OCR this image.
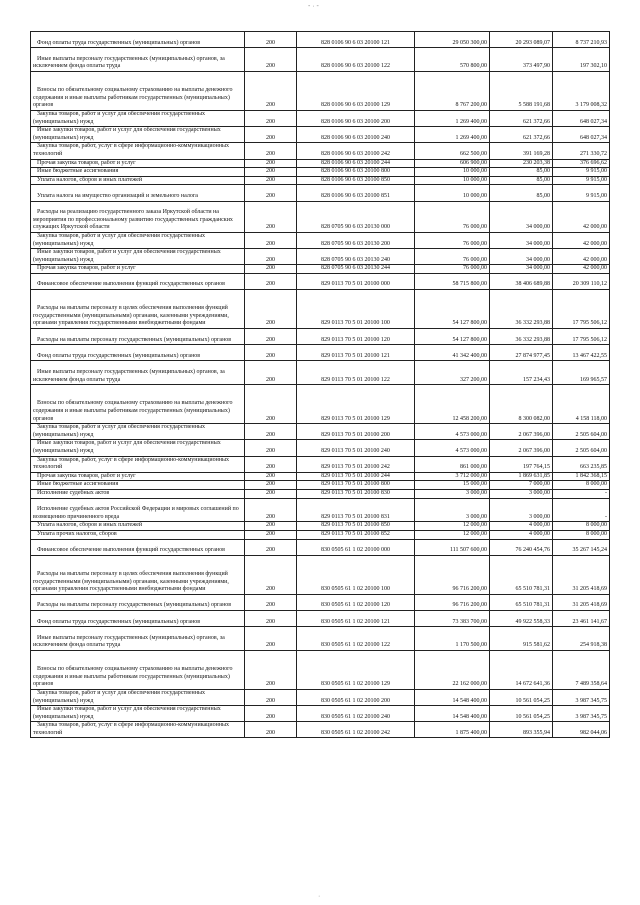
- · -
Фонд оплаты труда государственных (муниципальных) органов	200	828 0106 90 6 03 20100 121	29 050 300,00	20 293 089,07	8 737 210,93

Иные выплаты персоналу государственных (муниципальных) органов, за исключением фонда оплаты труда	200	828 0106 90 6 03 20100 122	570 800,00	373 497,90	197 302,10

Взносы по обязательному социальному страхованию на выплаты денежного содержания и иные выплаты работникам государственных (муниципальных) органов	200	828 0106 90 6 03 20100 129	8 767 200,00	5 588 191,68	3 179 008,32

Закупка товаров, работ и услуг для обеспечения государственных (муниципальных) нужд	200	828 0106 90 6 03 20100 200	1 269 400,00	621 372,66	648 027,34

Иные закупки товаров, работ и услуг для обеспечения государственных (муниципальных) нужд	200	828 0106 90 6 03 20100 240	1 269 400,00	621 372,66	648 027,34

Закупка товаров, работ, услуг в сфере информационно-коммуникационных технологий	200	828 0106 90 6 03 20100 242	662 500,00	391 169,28	271 330,72

Прочая закупка товаров, работ и услуг	200	828 0106 90 6 03 20100 244	606 900,00	230 203,38	376 696,62

Иные бюджетные ассигнования	200	828 0106 90 6 03 20100 800	10 000,00	85,00	9 915,00

Уплата налогов, сборов и иных платежей	200	828 0106 90 6 03 20100 850	10 000,00	85,00	9 915,00

Уплата налога на имущество организаций и земельного налога	200	828 0106 90 6 03 20100 851	10 000,00	85,00	9 915,00

Расходы на реализацию государственного заказа Иркутской области на мероприятия по профессиональному развитию государственных гражданских служащих Иркутской области	200	828 0705 90 6 03 20130 000	76 000,00	34 000,00	42 000,00

Закупка товаров, работ и услуг для обеспечения государственных (муниципальных) нужд	200	828 0705 90 6 03 20130 200	76 000,00	34 000,00	42 000,00

Иные закупки товаров, работ и услуг для обеспечения государственных (муниципальных) нужд	200	828 0705 90 6 03 20130 240	76 000,00	34 000,00	42 000,00

Прочая закупка товаров, работ и услуг	200	828 0705 90 6 03 20130 244	76 000,00	34 000,00	42 000,00

Финансовое обеспечение выполнения функций государственных органов	200	829 0113 70 5 01 20100 000	58 715 800,00	38 406 689,88	20 309 110,12

Расходы на выплаты персоналу в целях обеспечения выполнения функций государственными (муниципальными) органами, казенными учреждениями, органами управления государственными внебюджетными фондами	200	829 0113 70 5 01 20100 100	54 127 800,00	36 332 293,88	17 795 506,12

Расходы на выплаты персоналу государственных (муниципальных) органов	200	829 0113 70 5 01 20100 120	54 127 800,00	36 332 293,88	17 795 506,12

Фонд оплаты труда государственных (муниципальных) органов	200	829 0113 70 5 01 20100 121	41 342 400,00	27 874 977,45	13 467 422,55

Иные выплаты персоналу государственных (муниципальных) органов, за исключением фонда оплаты труда	200	829 0113 70 5 01 20100 122	327 200,00	157 234,43	169 965,57

Взносы по обязательному социальному страхованию на выплаты денежного содержания и иные выплаты работникам государственных (муниципальных) органов	200	829 0113 70 5 01 20100 129	12 458 200,00	8 300 082,00	4 158 118,00

Закупка товаров, работ и услуг для обеспечения государственных (муниципальных) нужд	200	829 0113 70 5 01 20100 200	4 573 000,00	2 067 396,00	2 505 604,00

Иные закупки товаров, работ и услуг для обеспечения государственных (муниципальных) нужд	200	829 0113 70 5 01 20100 240	4 573 000,00	2 067 396,00	2 505 604,00

Закупка товаров, работ, услуг в сфере информационно-коммуникационных технологий	200	829 0113 70 5 01 20100 242	861 000,00	197 764,15	663 235,85

Прочая закупка товаров, работ и услуг	200	829 0113 70 5 01 20100 244	3 712 000,00	1 869 631,85	1 842 368,15

Иные бюджетные ассигнования	200	829 0113 70 5 01 20100 800	15 000,00	7 000,00	8 000,00

Исполнение судебных актов	200	829 0113 70 5 01 20100 830	3 000,00	3 000,00	-

Исполнение судебных актов Российской Федерации и мировых соглашений по возмещению причиненного вреда	200	829 0113 70 5 01 20100 831	3 000,00	3 000,00	-

Уплата налогов, сборов и иных платежей	200	829 0113 70 5 01 20100 850	12 000,00	4 000,00	8 000,00

Уплата прочих налогов, сборов	200	829 0113 70 5 01 20100 852	12 000,00	4 000,00	8 000,00

Финансовое обеспечение выполнения функций государственных органов	200	830 0505 61 1 02 20100 000	111 507 600,00	76 240 454,76	35 267 145,24

Расходы на выплаты персоналу в целях обеспечения выполнения функций государственными (муниципальными) органами, казенными учреждениями, органами управления государственными внебюджетными фондами	200	830 0505 61 1 02 20100 100	96 716 200,00	65 510 781,31	31 205 418,69

Расходы на выплаты персоналу государственных (муниципальных) органов	200	830 0505 61 1 02 20100 120	96 716 200,00	65 510 781,31	31 205 418,69

Фонд оплаты труда государственных (муниципальных) органов	200	830 0505 61 1 02 20100 121	73 383 700,00	49 922 558,33	23 461 141,67

Иные выплаты персоналу государственных (муниципальных) органов, за исключением фонда оплаты труда	200	830 0505 61 1 02 20100 122	1 170 500,00	915 581,62	254 918,38

Взносы по обязательному социальному страхованию на выплаты денежного содержания и иные выплаты работникам государственных (муниципальных) органов	200	830 0505 61 1 02 20100 129	22 162 000,00	14 672 641,36	7 489 358,64

Закупка товаров, работ и услуг для обеспечения государственных (муниципальных) нужд	200	830 0505 61 1 02 20100 200	14 548 400,00	10 561 054,25	3 987 345,75

Иные закупки товаров, работ и услуг для обеспечения государственных (муниципальных) нужд	200	830 0505 61 1 02 20100 240	14 548 400,00	10 561 054,25	3 987 345,75

Закупка товаров, работ, услуг в сфере информационно-коммуникационных технологий	200	830 0505 61 1 02 20100 242	1 875 400,00	893 355,94	982 044,06
·
